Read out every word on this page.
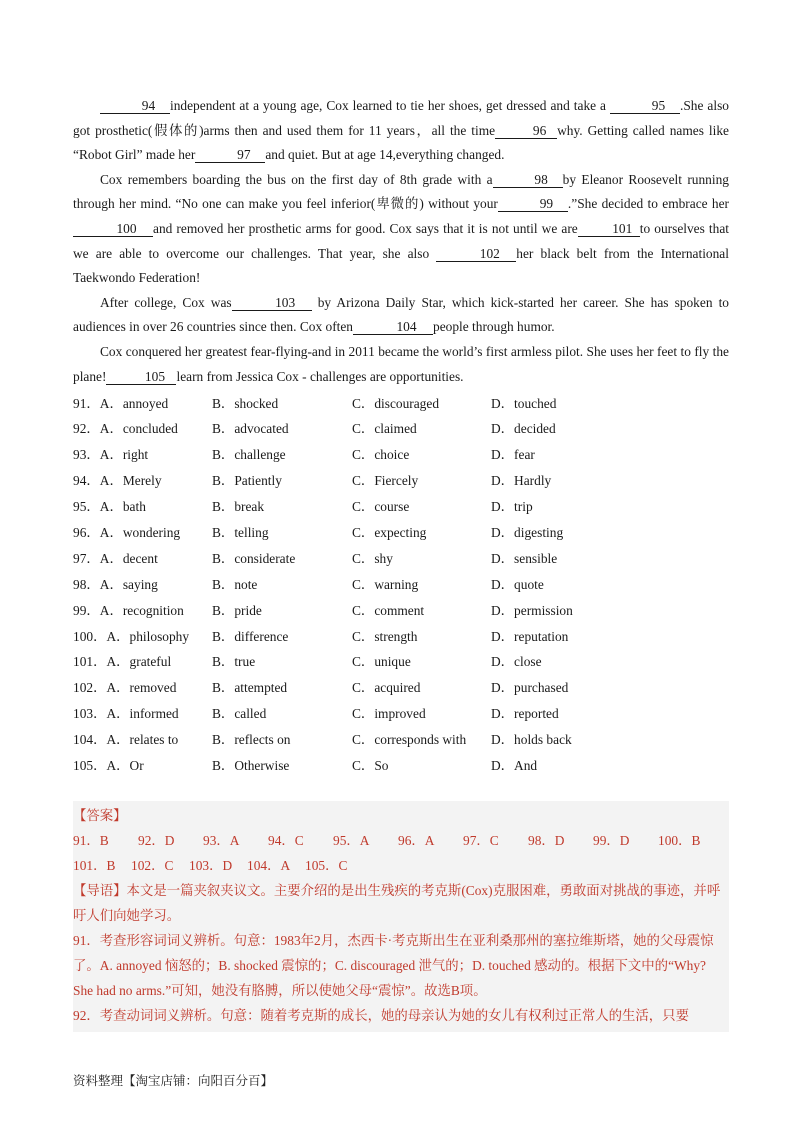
94 independent at a young age, Cox learned to tie her shoes, get dressed and take a	95 .She also got prosthetic(假体的)arms then and used them for 11 years，all the time	96 why. Getting called names like “Robot Girl” made her	97 and quiet. But at age 14,everything changed.

Cox remembers boarding the bus on the first day of 8th grade with a	98 by Eleanor Roosevelt running through her mind. “No one can make you feel inferior(卑微的) without your	99 .”She decided to embrace her100 and removed her prosthetic arms for good. Cox says that it is not until we are	101 to ourselves that we are able to overcome our challenges. That year, she also	102 her black belt from the International Taekwondo Federation!

After college, Cox was	103 by Arizona Daily Star, which kick-started her career. She has spoken to audiences in over 26 countries since then. Cox often	104 people through humor.

Cox conquered her greatest fear-flying-and in 2011 became the world’s first armless pilot. She uses her feet to fly the plane!	105 learn from Jessica Cox - challenges are opportunities.

91．A．annoyed	B．shocked	C．discouraged	D．touched
92．A．concluded	B．advocated	C．claimed	D．decided
93．A．right	B．challenge	C．choice	D．fear
94．A．Merely	B．Patiently	C．Fiercely	D．Hardly
95．A．bath	B．break	C．course	D．trip
96．A．wondering	B．telling	C．expecting	D．digesting
97．A．decent	B．considerate	C．shy	D．sensible
98．A．saying	B．note	C．warning	D．quote
99．A．recognition	B．pride	C．comment	D．permission
100．A．philosophy	B．difference	C．strength	D．reputation
101．A．grateful	B．true	C．unique	D．close
102．A．removed	B．attempted	C．acquired	D．purchased
103．A．informed	B．called	C．improved	D．reported
104．A．relates to	B．reflects on	C．corresponds with	D．holds back
105．A．Or	B．Otherwise	C．So	D．And

【答案】

91．B	92．D	93．A	94．C	95．A	96．A	97．C	98．D	99．D	100．B

101．B	102．C	103．D	104．A	105．C

【导语】本文是一篇夹叙夹议文。主要介绍的是出生残疾的考克斯(Cox)克服困难，勇敢面对挑战的事迹，并呼吁人们向她学习。

91．考查形容词词义辨析。句意：1983年2月，杰西卡·考克斯出生在亚利桑那州的塞拉维斯塔，她的父母震惊了。A. annoyed 恼怒的；B. shocked 震惊的；C. discouraged 泄气的；D. touched 感动的。根据下文中的“Why? She had no arms.”可知，她没有胳膊，所以使她父母“震惊”。故选B项。

92．考查动词词义辨析。句意：随着考克斯的成长，她的母亲认为她的女儿有权利过正常人的生活，只要

资料整理【淘宝店铺：向阳百分百】
